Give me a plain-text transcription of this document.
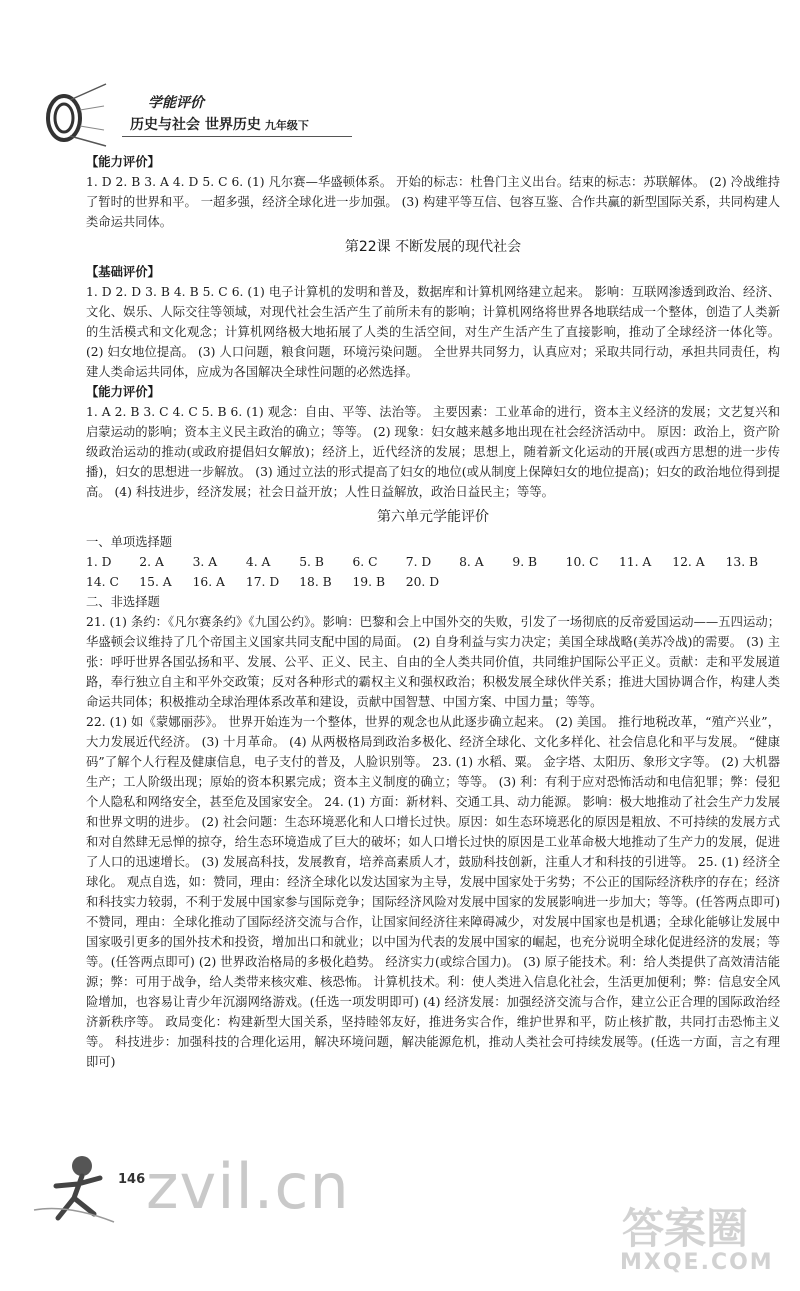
学能评价
历史与社会 世界历史 九年级下
【能力评价】

1. D 2. B 3. A 4. D 5. C 6. (1) 凡尔赛—华盛顿体系。 开始的标志：杜鲁门主义出台。结束的标志：苏联解体。 (2) 冷战维持了暂时的世界和平。 一超多强，经济全球化进一步加强。 (3) 构建平等互信、包容互鉴、合作共赢的新型国际关系，共同构建人类命运共同体。

第22课 不断发展的现代社会
【基础评价】

1. D 2. D 3. B 4. B 5. C 6. (1) 电子计算机的发明和普及，数据库和计算机网络建立起来。 影响：互联网渗透到政治、经济、文化、娱乐、人际交往等领域，对现代社会生活产生了前所未有的影响；计算机网络将世界各地联结成一个整体，创造了人类新的生活模式和文化观念；计算机网络极大地拓展了人类的生活空间，对生产生活产生了直接影响，推动了全球经济一体化等。 (2) 妇女地位提高。 (3) 人口问题，粮食问题，环境污染问题。 全世界共同努力，认真应对；采取共同行动，承担共同责任，构建人类命运共同体，应成为各国解决全球性问题的必然选择。

【能力评价】

1. A 2. B 3. C 4. C 5. B 6. (1) 观念：自由、平等、法治等。 主要因素：工业革命的进行，资本主义经济的发展；文艺复兴和启蒙运动的影响；资本主义民主政治的确立；等等。 (2) 现象：妇女越来越多地出现在社会经济活动中。 原因：政治上，资产阶级政治运动的推动(或政府提倡妇女解放)；经济上，近代经济的发展；思想上，随着新文化运动的开展(或西方思想的进一步传播)，妇女的思想进一步解放。 (3) 通过立法的形式提高了妇女的地位(或从制度上保障妇女的地位提高)；妇女的政治地位得到提高。 (4) 科技进步，经济发展；社会日益开放；人性日益解放，政治日益民主；等等。

第六单元学能评价
一、单项选择题
1. D	2. A	3. A	4. A	5. B	6. C	7. D	8. A	9. B	10. C	11. A	12. A	13. B
14. C	15. A	16. A	17. D	18. B	19. B	20. D
二、非选择题

21. (1) 条约：《凡尔赛条约》《九国公约》。影响：巴黎和会上中国外交的失败，引发了一场彻底的反帝爱国运动——五四运动；华盛顿会议维持了几个帝国主义国家共同支配中国的局面。 (2) 自身利益与实力决定；美国全球战略(美苏冷战)的需要。 (3) 主张：呼吁世界各国弘扬和平、发展、公平、正义、民主、自由的全人类共同价值，共同维护国际公平正义。贡献：走和平发展道路，奉行独立自主和平外交政策；反对各种形式的霸权主义和强权政治；积极发展全球伙伴关系；推进大国协调合作，构建人类命运共同体；积极推动全球治理体系改革和建设，贡献中国智慧、中国方案、中国力量；等等。

22. (1) 如《蒙娜丽莎》。 世界开始连为一个整体，世界的观念也从此逐步确立起来。 (2) 美国。 推行地税改革，“殖产兴业”，大力发展近代经济。 (3) 十月革命。 (4) 从两极格局到政治多极化、经济全球化、文化多样化、社会信息化和平与发展。 “健康码”了解个人行程及健康信息，电子支付的普及，人脸识别等。 23. (1) 水稻、粟。 金字塔、太阳历、象形文字等。 (2) 大机器生产；工人阶级出现；原始的资本积累完成；资本主义制度的确立；等等。 (3) 利：有利于应对恐怖活动和电信犯罪；弊：侵犯个人隐私和网络安全，甚至危及国家安全。 24. (1) 方面：新材料、交通工具、动力能源。 影响：极大地推动了社会生产力发展和世界文明的进步。 (2) 社会问题：生态环境恶化和人口增长过快。原因：如生态环境恶化的原因是粗放、不可持续的发展方式和对自然肆无忌惮的掠夺，给生态环境造成了巨大的破坏；如人口增长过快的原因是工业革命极大地推动了生产力的发展，促进了人口的迅速增长。 (3) 发展高科技，发展教育，培养高素质人才，鼓励科技创新，注重人才和科技的引进等。 25. (1) 经济全球化。 观点自选，如：赞同，理由：经济全球化以发达国家为主导，发展中国家处于劣势；不公正的国际经济秩序的存在；经济和科技实力较弱，不利于发展中国家参与国际竞争；国际经济风险对发展中国家的发展影响进一步加大；等等。(任答两点即可) 不赞同，理由：全球化推动了国际经济交流与合作，让国家间经济往来障碍减少，对发展中国家也是机遇；全球化能够让发展中国家吸引更多的国外技术和投资，增加出口和就业；以中国为代表的发展中国家的崛起，也充分说明全球化促进经济的发展；等等。(任答两点即可) (2) 世界政治格局的多极化趋势。 经济实力(或综合国力)。 (3) 原子能技术。利：给人类提供了高效清洁能源；弊：可用于战争，给人类带来核灾难、核恐怖。 计算机技术。利：使人类进入信息化社会，生活更加便利；弊：信息安全风险增加，也容易让青少年沉溺网络游戏。(任选一项发明即可) (4) 经济发展：加强经济交流与合作，建立公正合理的国际政治经济新秩序等。 政局变化：构建新型大国关系，坚持睦邻友好，推进务实合作，维护世界和平，防止核扩散，共同打击恐怖主义等。 科技进步：加强科技的合理化运用，解决环境问题，解决能源危机，推动人类社会可持续发展等。(任选一方面，言之有理即可)

146 zvil.cn
答案圈
MXQE.COM
